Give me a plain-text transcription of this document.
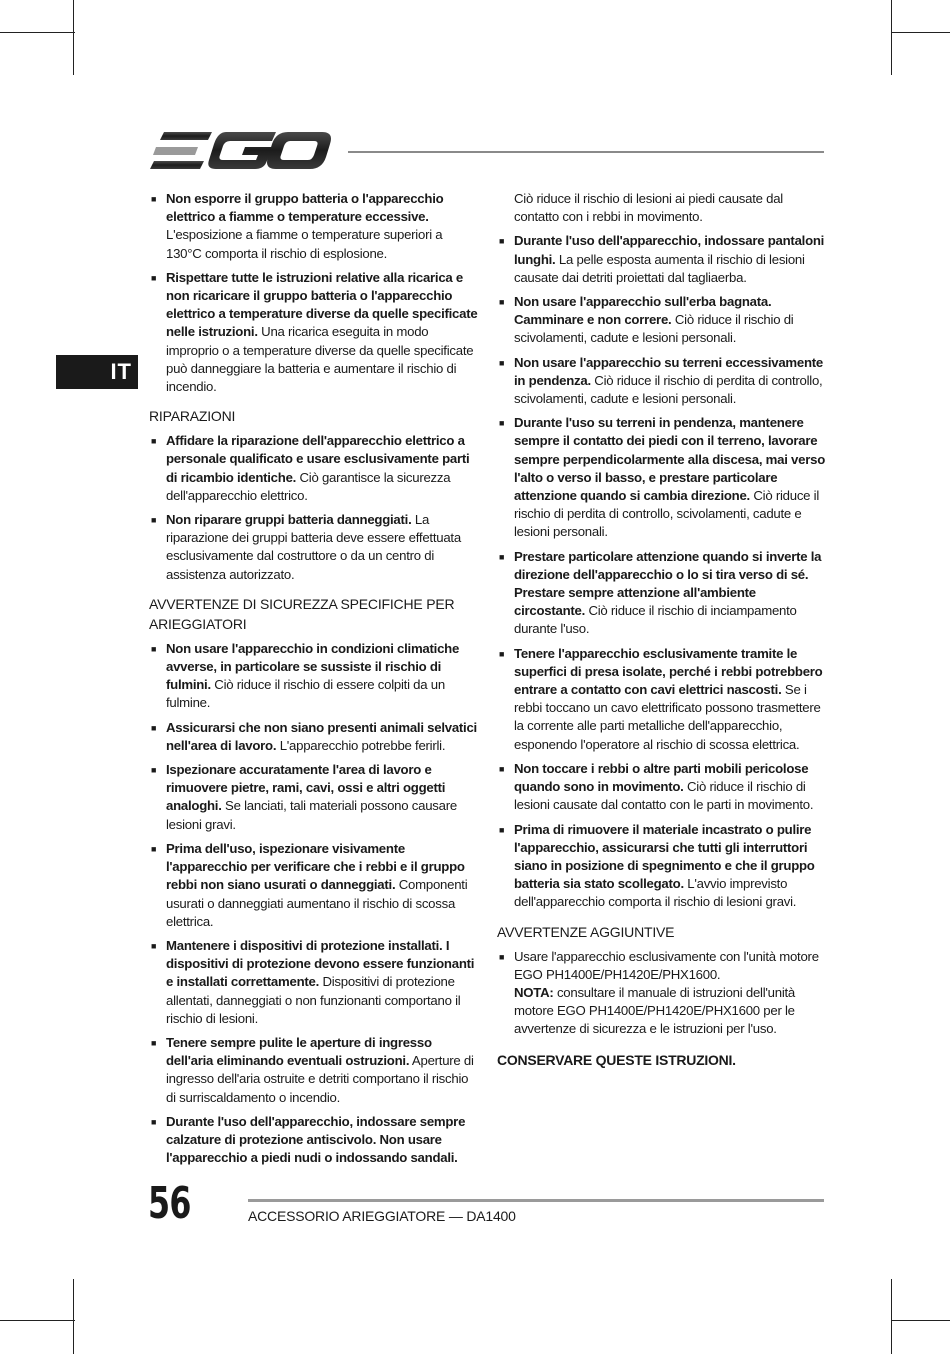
IT
■ Non esporre il gruppo batteria o l'apparecchio elettrico a fiamme o temperature eccessive. L'esposizione a fiamme o temperature superiori a 130°C comporta il rischio di esplosione.
■ Rispettare tutte le istruzioni relative alla ricarica e non ricaricare il gruppo batteria o l'apparecchio elettrico a temperature diverse da quelle specificate nelle istruzioni. Una ricarica eseguita in modo improprio o a temperature diverse da quelle specificate può danneggiare la batteria e aumentare il rischio di incendio.
RIPARAZIONI
■ Affidare la riparazione dell'apparecchio elettrico a personale qualificato e usare esclusivamente parti di ricambio identiche. Ciò garantisce la sicurezza dell'apparecchio elettrico.
■ Non riparare gruppi batteria danneggiati. La riparazione dei gruppi batteria deve essere effettuata esclusivamente dal costruttore o da un centro di assistenza autorizzato.
AVVERTENZE DI SICUREZZA SPECIFICHE PER ARIEGGIATORI
■ Non usare l'apparecchio in condizioni climatiche avverse, in particolare se sussiste il rischio di fulmini. Ciò riduce il rischio di essere colpiti da un fulmine.
■ Assicurarsi che non siano presenti animali selvatici nell'area di lavoro. L'apparecchio potrebbe ferirli.
■ Ispezionare accuratamente l'area di lavoro e rimuovere pietre, rami, cavi, ossi e altri oggetti analoghi. Se lanciati, tali materiali possono causare lesioni gravi.
■ Prima dell'uso, ispezionare visivamente l'apparecchio per verificare che i rebbi e il gruppo rebbi non siano usurati o danneggiati. Componenti usurati o danneggiati aumentano il rischio di scossa elettrica.
■ Mantenere i dispositivi di protezione installati. I dispositivi di protezione devono essere funzionanti e installati correttamente. Dispositivi di protezione allentati, danneggiati o non funzionanti comportano il rischio di lesioni.
■ Tenere sempre pulite le aperture di ingresso dell'aria eliminando eventuali ostruzioni. Aperture di ingresso dell'aria ostruite e detriti comportano il rischio di surriscaldamento o incendio.
■ Durante l'uso dell'apparecchio, indossare sempre calzature di protezione antiscivolo. Non usare l'apparecchio a piedi nudi o indossando sandali.
Ciò riduce il rischio di lesioni ai piedi causate dal contatto con i rebbi in movimento.
■ Durante l'uso dell'apparecchio, indossare pantaloni lunghi. La pelle esposta aumenta il rischio di lesioni causate dai detriti proiettati dal tagliaerba.
■ Non usare l'apparecchio sull'erba bagnata. Camminare e non correre. Ciò riduce il rischio di scivolamenti, cadute e lesioni personali.
■ Non usare l'apparecchio su terreni eccessivamente in pendenza. Ciò riduce il rischio di perdita di controllo, scivolamenti, cadute e lesioni personali.
■ Durante l'uso su terreni in pendenza, mantenere sempre il contatto dei piedi con il terreno, lavorare sempre perpendicolarmente alla discesa, mai verso l'alto o verso il basso, e prestare particolare attenzione quando si cambia direzione. Ciò riduce il rischio di perdita di controllo, scivolamenti, cadute e lesioni personali.
■ Prestare particolare attenzione quando si inverte la direzione dell'apparecchio o lo si tira verso di sé. Prestare sempre attenzione all'ambiente circostante. Ciò riduce il rischio di inciampamento durante l'uso.
■ Tenere l'apparecchio esclusivamente tramite le superfici di presa isolate, perché i rebbi potrebbero entrare a contatto con cavi elettrici nascosti. Se i rebbi toccano un cavo elettrificato possono trasmettere la corrente alle parti metalliche dell'apparecchio, esponendo l'operatore al rischio di scossa elettrica.
■ Non toccare i rebbi o altre parti mobili pericolose quando sono in movimento. Ciò riduce il rischio di lesioni causate dal contatto con le parti in movimento.
■ Prima di rimuovere il materiale incastrato o pulire l'apparecchio, assicurarsi che tutti gli interruttori siano in posizione di spegnimento e che il gruppo batteria sia stato scollegato. L'avvio imprevisto dell'apparecchio comporta il rischio di lesioni gravi.
AVVERTENZE AGGIUNTIVE
■ Usare l'apparecchio esclusivamente con l'unità motore EGO PH1400E/PH1420E/PHX1600.
NOTA: consultare il manuale di istruzioni dell'unità motore EGO PH1400E/PH1420E/PHX1600 per le avvertenze di sicurezza e le istruzioni per l'uso.
CONSERVARE QUESTE ISTRUZIONI.
56	ACCESSORIO ARIEGGIATORE — DA1400
